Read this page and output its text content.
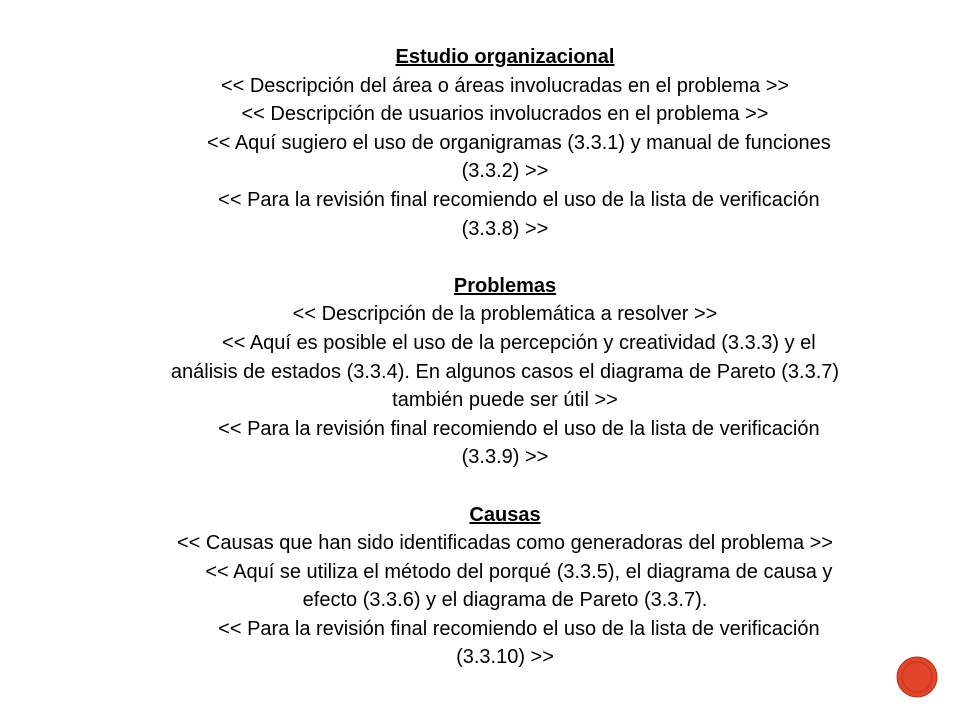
Estudio organizacional
<< Descripción del área o áreas involucradas en el problema >>
<< Descripción de usuarios involucrados en el problema >>
<< Aquí sugiero el uso de organigramas (3.3.1) y manual de funciones
(3.3.2) >>
<< Para la revisión final recomiendo el uso de la lista de verificación
(3.3.8) >>
Problemas
<< Descripción de la problemática a resolver >>
<< Aquí es posible el uso de la percepción y creatividad (3.3.3) y el
análisis de estados (3.3.4). En algunos casos el diagrama de Pareto (3.3.7)
también puede ser útil >>
<< Para la revisión final recomiendo el uso de la lista de verificación
(3.3.9) >>
Causas
<< Causas que han sido identificadas como generadoras del problema >>
<< Aquí se utiliza el método del porqué (3.3.5), el diagrama de causa y
efecto (3.3.6) y el diagrama de Pareto (3.3.7).
<< Para la revisión final recomiendo el uso de la lista de verificación
(3.3.10) >>
